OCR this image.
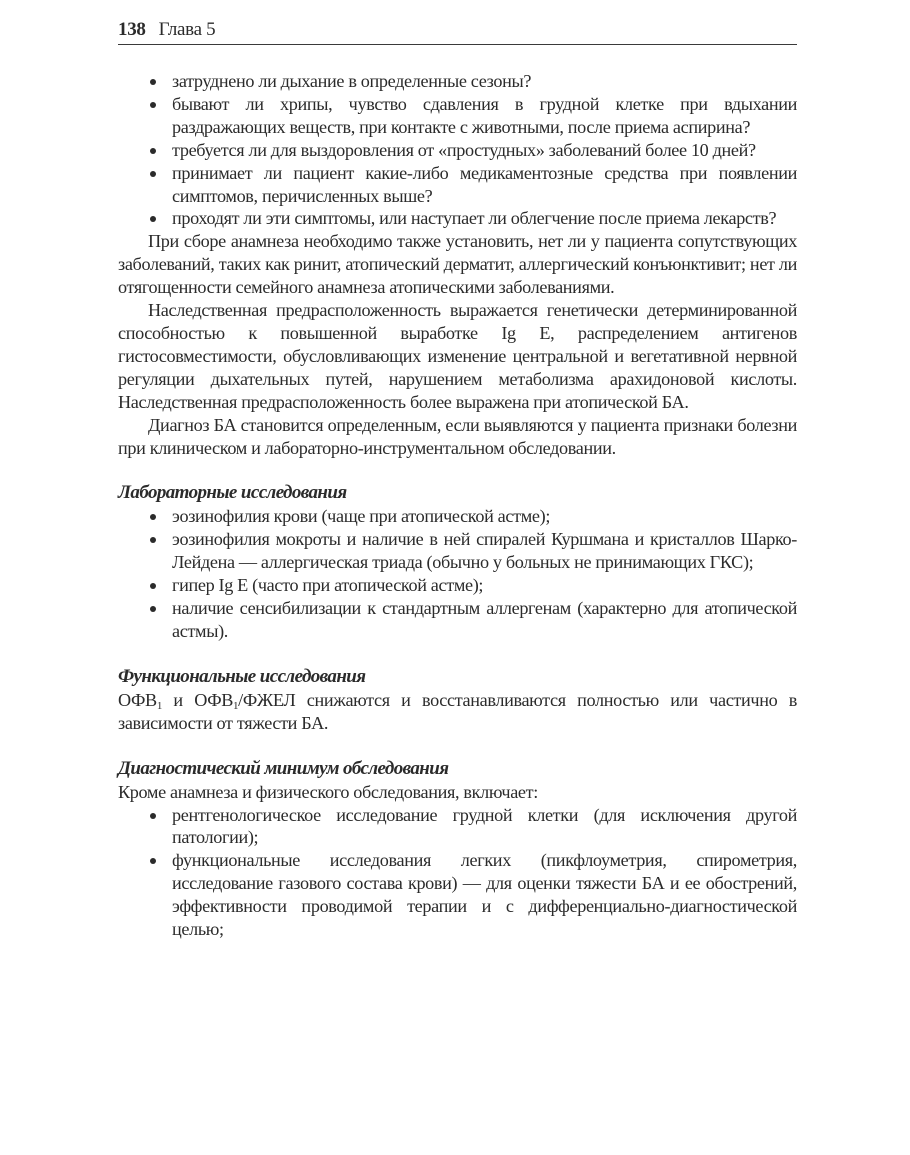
138 Глава 5
затруднено ли дыхание в определенные сезоны?
бывают ли хрипы, чувство сдавления в грудной клетке при вдыхании раздражающих веществ, при контакте с животными, после приема аспирина?
требуется ли для выздоровления от «простудных» заболеваний более 10 дней?
принимает ли пациент какие-либо медикаментозные средства при появлении симптомов, перичисленных выше?
проходят ли эти симптомы, или наступает ли облегчение после приема лекарств?

При сборе анамнеза необходимо также установить, нет ли у пациента сопутствующих заболеваний, таких как ринит, атопический дерматит, аллергический конъюнктивит; нет ли отягощенности семейного анамнеза атопическими заболеваниями.

Наследственная предрасположенность выражается генетически детерминированной способностью к повышенной выработке Ig E, распределением антигенов гистосовместимости, обусловливающих изменение центральной и вегетативной нервной регуляции дыхательных путей, нарушением метаболизма арахидоновой кислоты. Наследственная предрасположенность более выражена при атопической БА.

Диагноз БА становится определенным, если выявляются у пациента признаки болезни при клиническом и лабораторно-инструментальном обследовании.

Лабораторные исследования
эозинофилия крови (чаще при атопической астме);
эозинофилия мокроты и наличие в ней спиралей Куршмана и кристаллов Шарко-Лейдена — аллергическая триада (обычно у больных не принимающих ГКС);
гипер Ig E (часто при атопической астме);
наличие сенсибилизации к стандартным аллергенам (характерно для атопической астмы).
Функциональные исследования

$ОФВ_1$ и $ОФВ_1$/ФЖЕЛ снижаются и восстанавливаются полностью или частично в зависимости от тяжести БА.

Диагностический минимум обследования

Кроме анамнеза и физического обследования, включает:

рентгенологическое исследование грудной клетки (для исключения другой патологии);
функциональные исследования легких (пикфлоуметрия, спирометрия, исследование газового состава крови) — для оценки тяжести БА и ее обострений, эффективности проводимой терапии и с дифференциально-диагностической целью;
